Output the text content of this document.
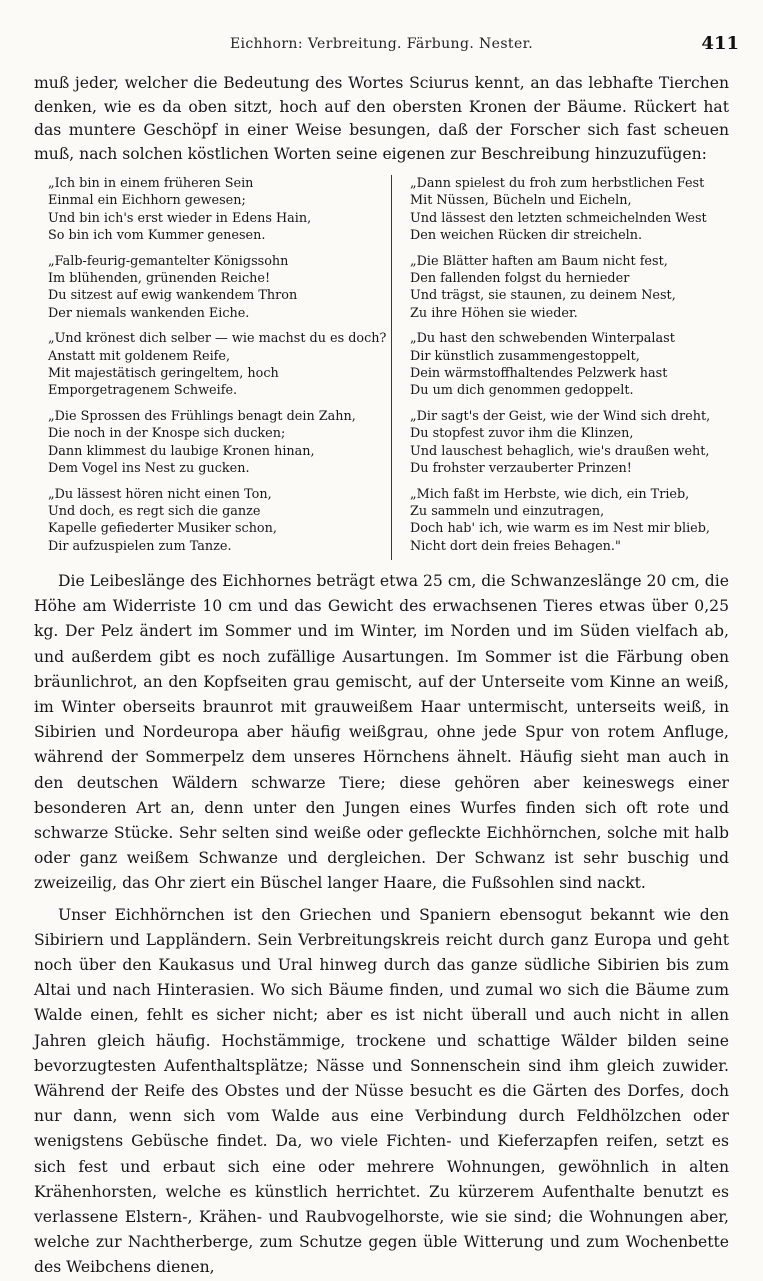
Eichhorn: Verbreitung. Färbung. Nester.	411

muß jeder, welcher die Bedeutung des Wortes Sciurus kennt, an das lebhafte Tierchen denken, wie es da oben sitzt, hoch auf den obersten Kronen der Bäume. Rückert hat das muntere Geschöpf in einer Weise besungen, daß der Forscher sich fast scheuen muß, nach solchen köstlichen Worten seine eigenen zur Beschreibung hinzuzufügen:

„Ich bin in einem früheren Sein
Einmal ein Eichhorn gewesen;
Und bin ich's erst wieder in Edens Hain,
So bin ich vom Kummer genesen.
„Falb-feurig-gemantelter Königssohn
Im blühenden, grünenden Reiche!
Du sitzest auf ewig wankendem Thron
Der niemals wankenden Eiche.
„Und krönest dich selber — wie machst du es doch?
Anstatt mit goldenem Reife,
Mit majestätisch geringeltem, hoch
Emporgetragenem Schweife.
„Die Sprossen des Frühlings benagt dein Zahn,
Die noch in der Knospe sich ducken;
Dann klimmest du laubige Kronen hinan,
Dem Vogel ins Nest zu gucken.
„Du lässest hören nicht einen Ton,
Und doch, es regt sich die ganze
Kapelle gefiederter Musiker schon,
Dir aufzuspielen zum Tanze.
„Dann spielest du froh zum herbstlichen Fest
Mit Nüssen, Bücheln und Eicheln,
Und lässest den letzten schmeichelnden West
Den weichen Rücken dir streicheln.
„Die Blätter haften am Baum nicht fest,
Den fallenden folgst du hernieder
Und trägst, sie staunen, zu deinem Nest,
Zu ihre Höhen sie wieder.
„Du hast den schwebenden Winterpalast
Dir künstlich zusammengestoppelt,
Dein wärmstoffhaltendes Pelzwerk hast
Du um dich genommen gedoppelt.
„Dir sagt's der Geist, wie der Wind sich dreht,
Du stopfest zuvor ihm die Klinzen,
Und lauschest behaglich, wie's draußen weht,
Du frohster verzauberter Prinzen!
„Mich faßt im Herbste, wie dich, ein Trieb,
Zu sammeln und einzutragen,
Doch hab' ich, wie warm es im Nest mir blieb,
Nicht dort dein freies Behagen."

Die Leibeslänge des Eichhornes beträgt etwa 25 cm, die Schwanzeslänge 20 cm, die Höhe am Widerriste 10 cm und das Gewicht des erwachsenen Tieres etwas über 0,25 kg. Der Pelz ändert im Sommer und im Winter, im Norden und im Süden vielfach ab, und außerdem gibt es noch zufällige Ausartungen. Im Sommer ist die Färbung oben bräunlichrot, an den Kopfseiten grau gemischt, auf der Unterseite vom Kinne an weiß, im Winter oberseits braunrot mit grauweißem Haar untermischt, unterseits weiß, in Sibirien und Nordeuropa aber häufig weißgrau, ohne jede Spur von rotem Anfluge, während der Sommerpelz dem unseres Hörnchens ähnelt. Häufig sieht man auch in den deutschen Wäldern schwarze Tiere; diese gehören aber keineswegs einer besonderen Art an, denn unter den Jungen eines Wurfes finden sich oft rote und schwarze Stücke. Sehr selten sind weiße oder gefleckte Eichhörnchen, solche mit halb oder ganz weißem Schwanze und dergleichen. Der Schwanz ist sehr buschig und zweizeilig, das Ohr ziert ein Büschel langer Haare, die Fußsohlen sind nackt.

Unser Eichhörnchen ist den Griechen und Spaniern ebensogut bekannt wie den Sibiriern und Lappländern. Sein Verbreitungskreis reicht durch ganz Europa und geht noch über den Kaukasus und Ural hinweg durch das ganze südliche Sibirien bis zum Altai und nach Hinterasien. Wo sich Bäume finden, und zumal wo sich die Bäume zum Walde einen, fehlt es sicher nicht; aber es ist nicht überall und auch nicht in allen Jahren gleich häufig. Hochstämmige, trockene und schattige Wälder bilden seine bevorzugtesten Aufenthaltsplätze; Nässe und Sonnenschein sind ihm gleich zuwider. Während der Reife des Obstes und der Nüsse besucht es die Gärten des Dorfes, doch nur dann, wenn sich vom Walde aus eine Verbindung durch Feldhölzchen oder wenigstens Gebüsche findet. Da, wo viele Fichten- und Kieferzapfen reifen, setzt es sich fest und erbaut sich eine oder mehrere Wohnungen, gewöhnlich in alten Krähenhorsten, welche es künstlich herrichtet. Zu kürzerem Aufenthalte benutzt es verlassene Elstern-, Krähen- und Raubvogelhorste, wie sie sind; die Wohnungen aber, welche zur Nachtherberge, zum Schutze gegen üble Witterung und zum Wochenbette des Weibchens dienen,
